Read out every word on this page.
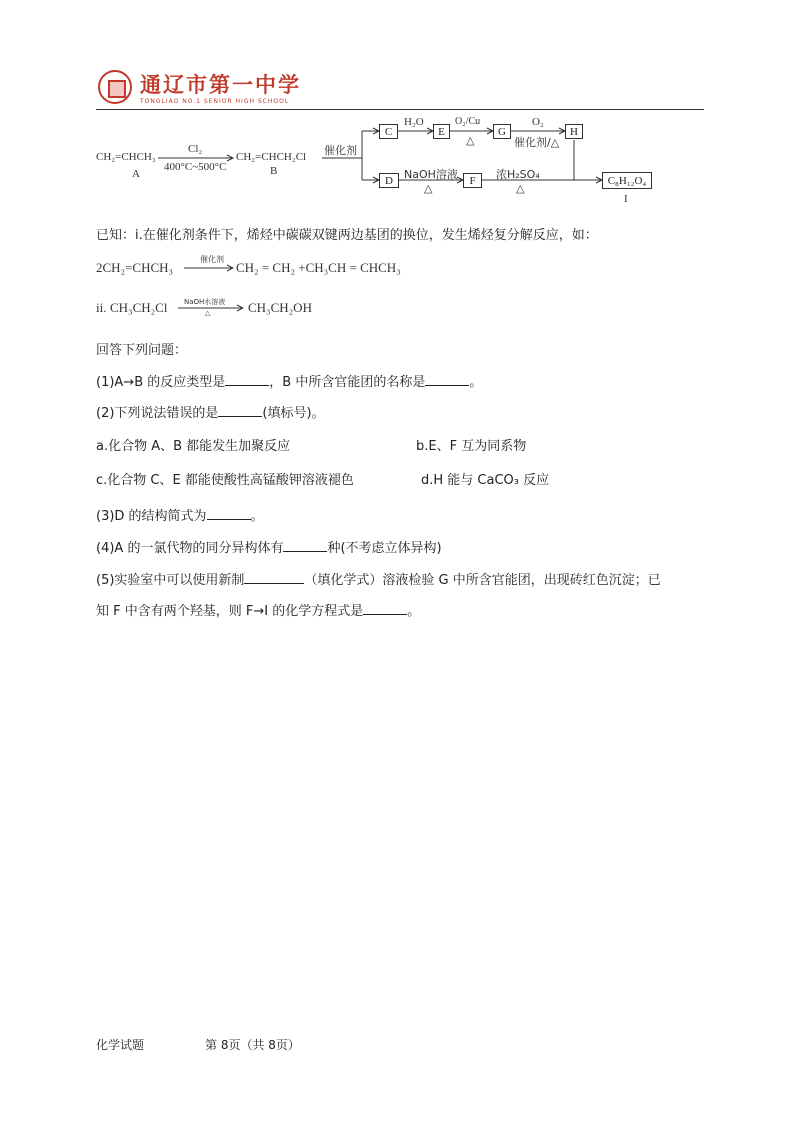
通辽市第一中学
TONGLIAO NO.1 SENIOR HIGH SCHOOL
CH₂=CHCH₃
A
Cl₂
400°C~500°C
CH₂=CHCH₂Cl
B
催化剂
C
H₂O
E
O₂/Cu
△
G
O₂
催化剂/△
H
D	NaOH溶液
△
F	浓H₂SO₄
△
C₈H₁₂O₄
I
已知：i.在催化剂条件下，烯烃中碳碳双键两边基团的换位，发生烯烃复分解反应，如：
2CH₂=CHCH₃
催化剂
CH₂ = CH₂ +CH₃CH = CHCH₃
ii. CH₃CH₂Cl NaOH水溶液
△	CH₃CH₂OH
回答下列问题：
(1)A→B 的反应类型是	，B 中所含官能团的名称是	。
(2)下列说法错误的是	(填标号)。
a.化合物 A、B 都能发生加聚反应	b.E、F 互为同系物
c.化合物 C、E 都能使酸性高锰酸钾溶液褪色	d.H 能与 CaCO₃ 反应
(3)D 的结构简式为	。
(4)A 的一氯代物的同分异构体有	种(不考虑立体异构)
(5)实验室中可以使用新制	（填化学式）溶液检验 G 中所含官能团，出现砖红色沉淀；已
知 F 中含有两个羟基，则 F→I 的化学方程式是	。
化学试题	第 8页（共 8页）
